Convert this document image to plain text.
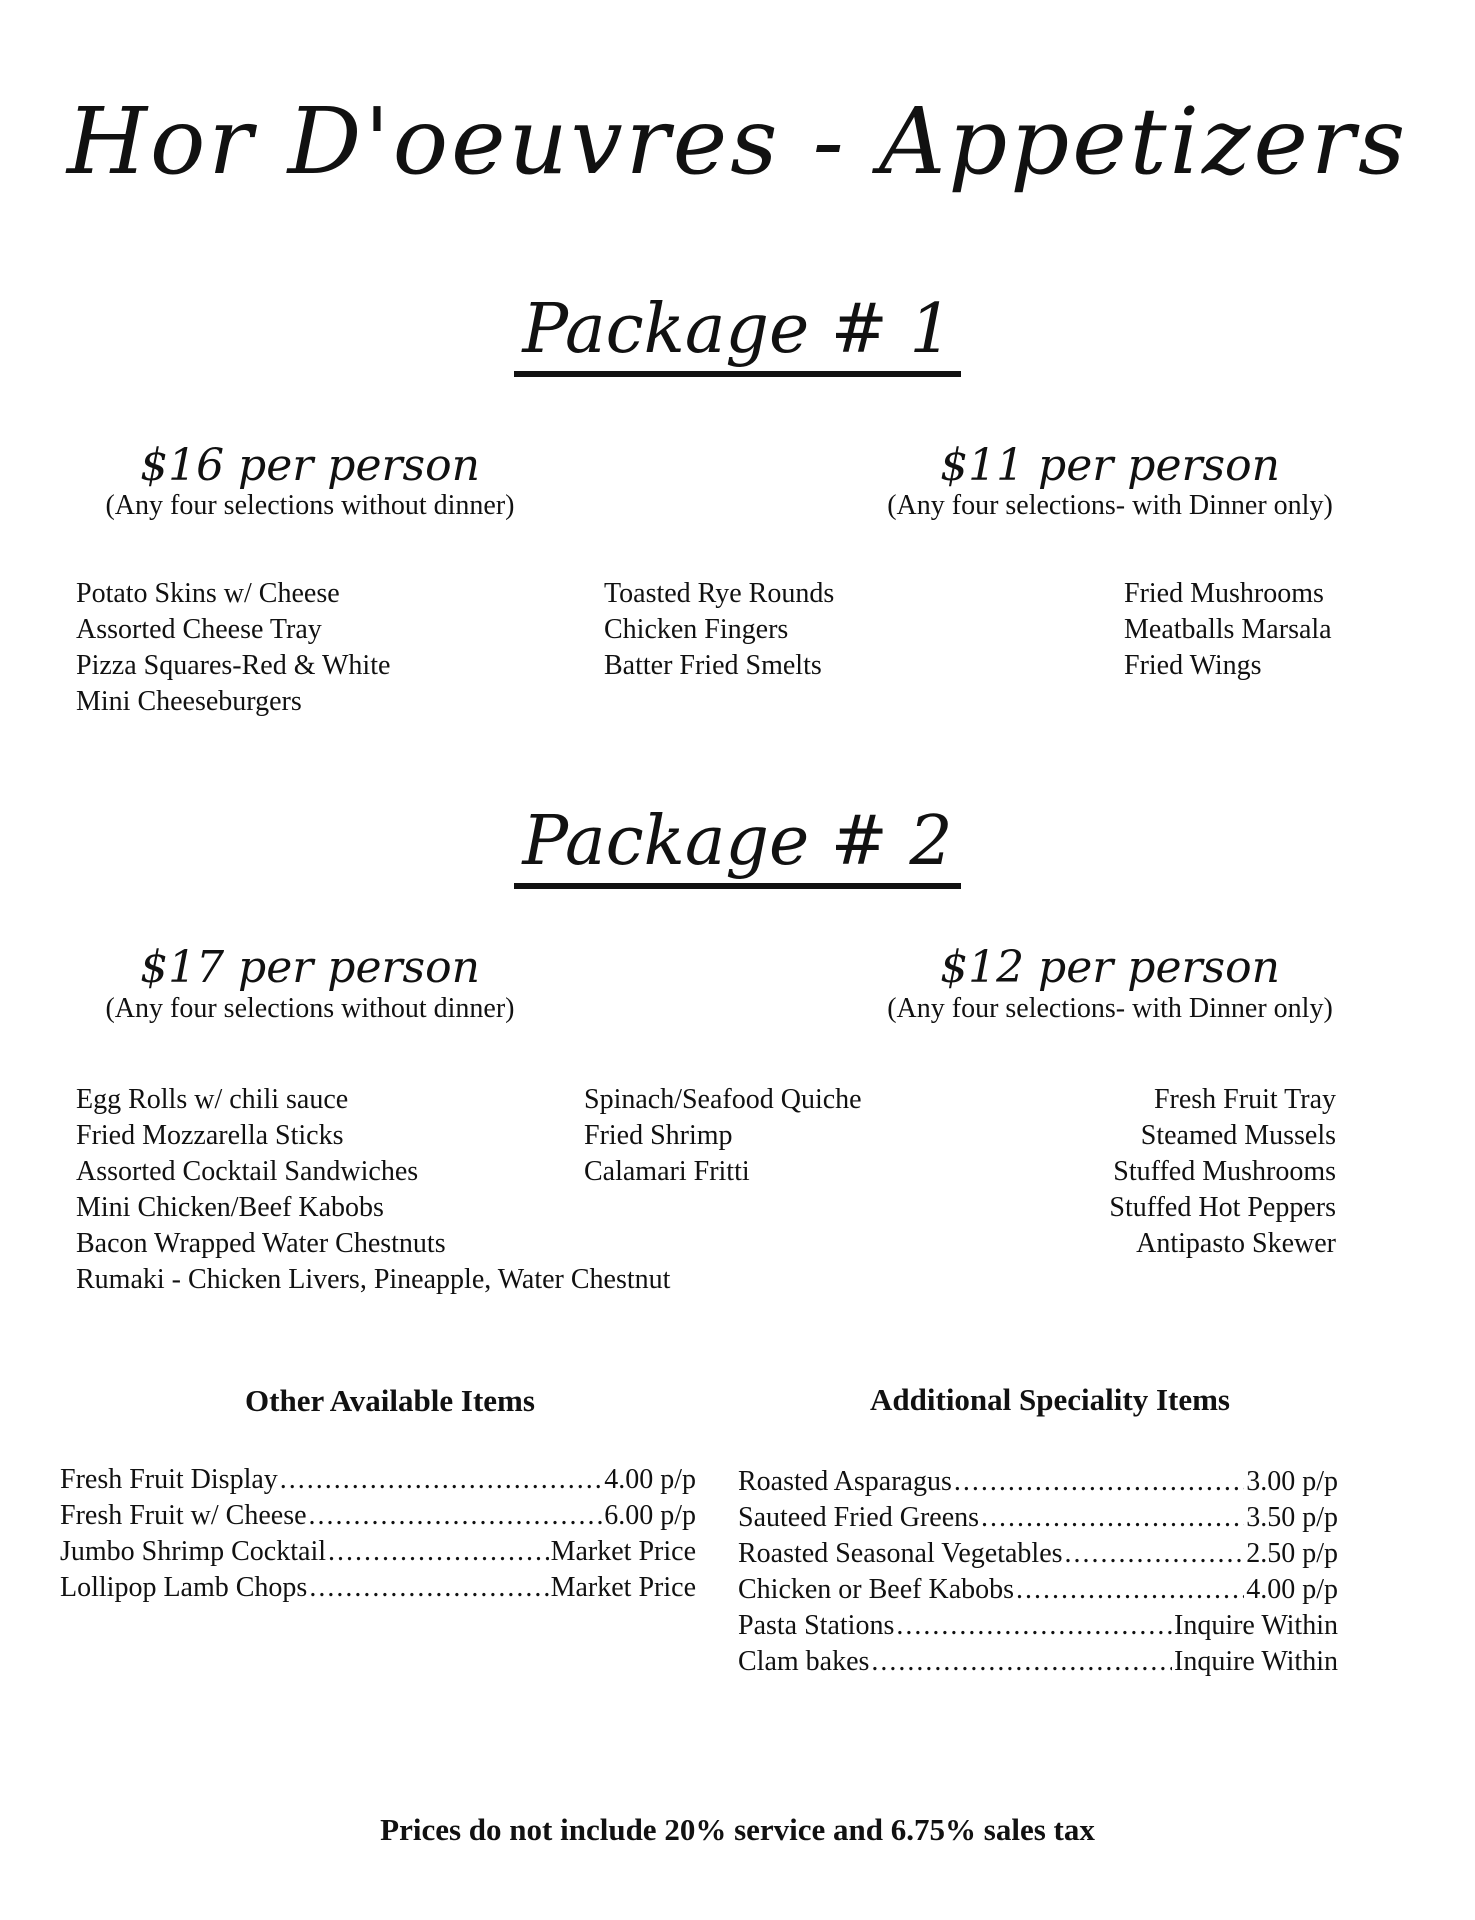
Hor D'oeuvres - Appetizers
Package # 1
$16 per person
(Any four selections without dinner)
$11 per person
(Any four selections- with Dinner only)
Potato Skins w/ Cheese
Assorted Cheese Tray
Pizza Squares-Red & White
Mini Cheeseburgers
Toasted Rye Rounds
Chicken Fingers
Batter Fried Smelts
Fried Mushrooms
Meatballs Marsala
Fried Wings
Package # 2
$17 per person
(Any four selections without dinner)
$12 per person
(Any four selections- with Dinner only)
Egg Rolls w/ chili sauce
Fried Mozzarella Sticks
Assorted Cocktail Sandwiches
Mini Chicken/Beef Kabobs
Bacon Wrapped Water Chestnuts
Rumaki - Chicken Livers, Pineapple, Water Chestnut
Spinach/Seafood Quiche
Fried Shrimp
Calamari Fritti
Fresh Fruit Tray
Steamed Mussels
Stuffed Mushrooms
Stuffed Hot Peppers
Antipasto Skewer
Other Available Items
Fresh Fruit Display .....	4.00 p/p
Fresh Fruit w/ Cheese .....	6.00 p/p
Jumbo Shrimp Cocktail .....	Market Price
Lollipop Lamb Chops .....	Market Price
Additional Speciality Items
Roasted Asparagus .....	3.00 p/p
Sauteed Fried Greens .....	3.50 p/p
Roasted Seasonal Vegetables .....	2.50 p/p
Chicken or Beef Kabobs .....	4.00 p/p
Pasta Stations .....	Inquire Within
Clam bakes .....	Inquire Within
Prices do not include 20% service and 6.75% sales tax
